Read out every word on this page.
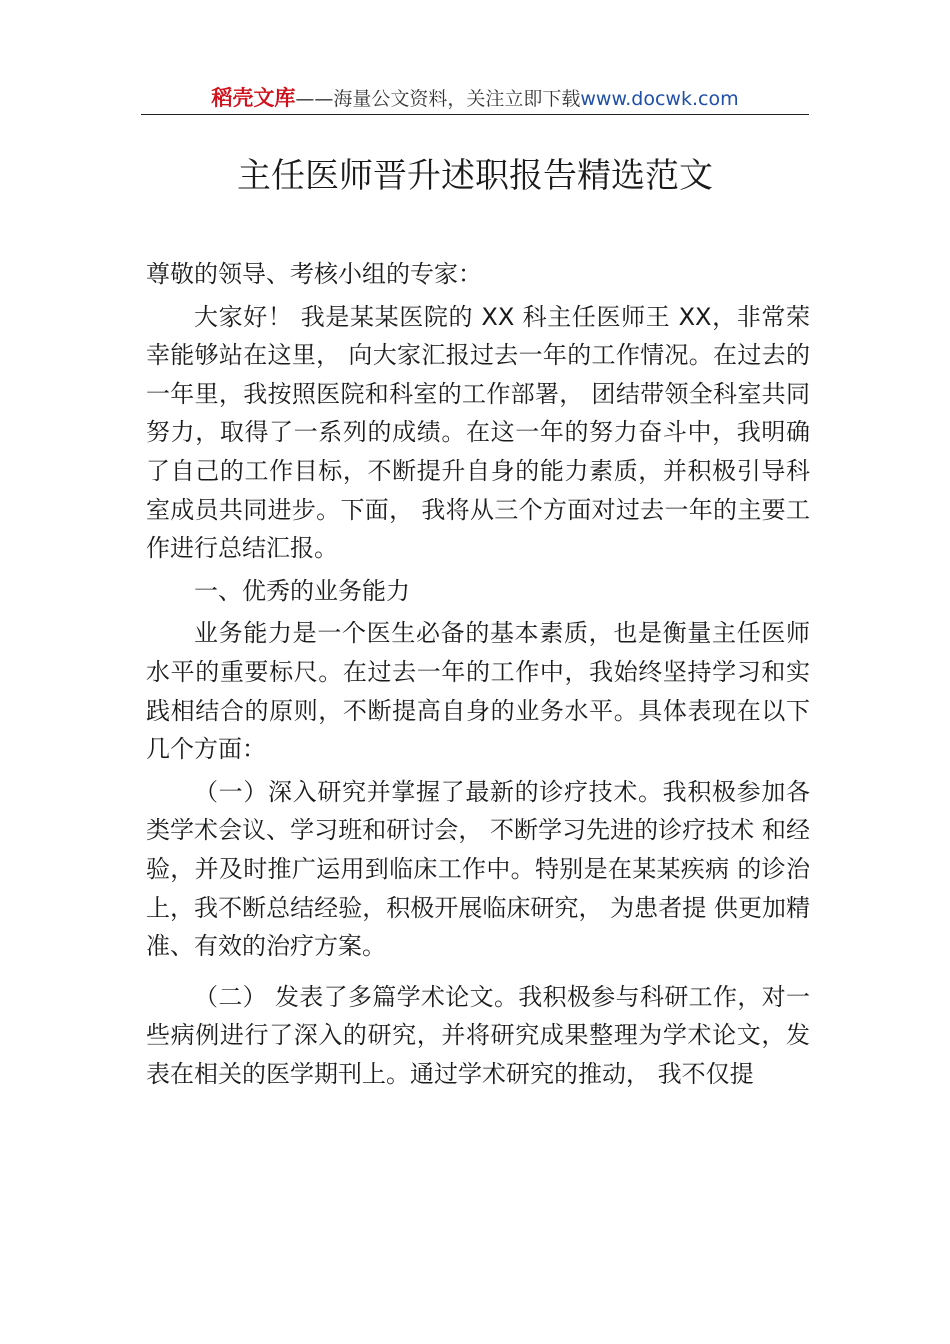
稻壳文库——海量公文资料，关注立即下载www.docwk.com
主任医师晋升述职报告精选范文

尊敬的领导、考核小组的专家：

大家好！ 我是某某医院的 XX 科主任医师王 XX，非常荣幸能够站在这里， 向大家汇报过去一年的工作情况。在过去的一年里，我按照医院和科室的工作部署， 团结带领全科室共同努力，取得了一系列的成绩。在这一年的努力奋斗中，我明确了自己的工作目标，不断提升自身的能力素质，并积极引导科室成员共同进步。下面， 我将从三个方面对过去一年的主要工作进行总结汇报。

一、优秀的业务能力

业务能力是一个医生必备的基本素质，也是衡量主任医师水平的重要标尺。在过去一年的工作中，我始终坚持学习和实践相结合的原则，不断提高自身的业务水平。具体表现在以下几个方面：

（一）深入研究并掌握了最新的诊疗技术。我积极参加各类学术会议、学习班和研讨会， 不断学习先进的诊疗技术 和经验，并及时推广运用到临床工作中。特别是在某某疾病 的诊治上，我不断总结经验，积极开展临床研究， 为患者提 供更加精准、有效的治疗方案。

（二） 发表了多篇学术论文。我积极参与科研工作，对一些病例进行了深入的研究，并将研究成果整理为学术论文，发表在相关的医学期刊上。通过学术研究的推动， 我不仅提
